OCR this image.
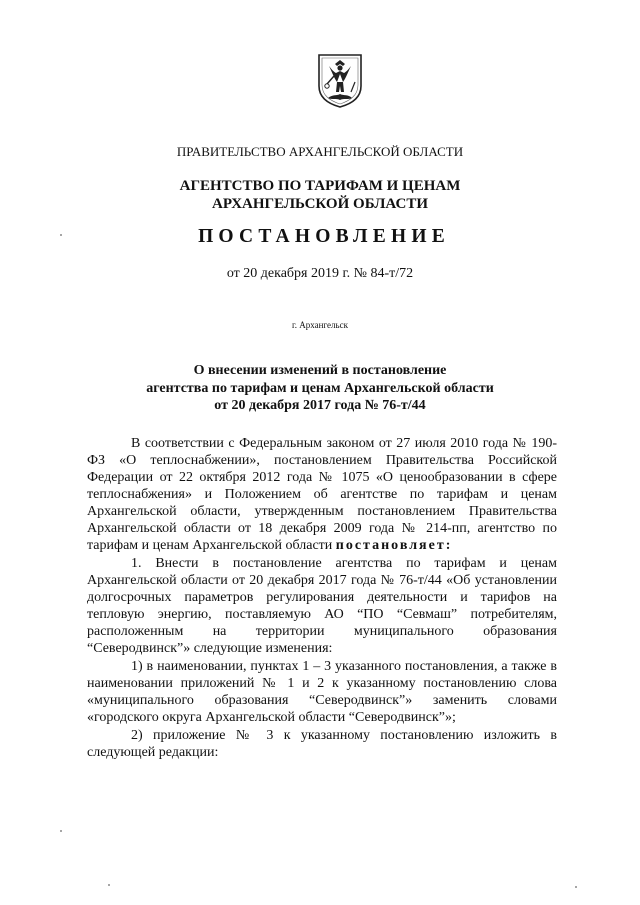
ПРАВИТЕЛЬСТВО АРХАНГЕЛЬСКОЙ ОБЛАСТИ
АГЕНТСТВО ПО ТАРИФАМ И ЦЕНАМ
АРХАНГЕЛЬСКОЙ ОБЛАСТИ
ПОСТАНОВЛЕНИЕ
от 20 декабря 2019 г. № 84-т/72
г. Архангельск
О внесении изменений в постановление
агентства по тарифам и ценам Архангельской области
от 20 декабря 2017 года № 76-т/44

В соответствии с Федеральным законом от 27 июля 2010 года № 190-ФЗ «О теплоснабжении», постановлением Правительства Российской Федерации от 22 октября 2012 года № 1075 «О ценообразовании в сфере теплоснабжения» и Положением об агентстве по тарифам и ценам Архангельской области, утвержденным постановлением Правительства Архангельской области от 18 декабря 2009 года № 214-пп, агентство по тарифам и ценам Архангельской области постановляет:

1. Внести в постановление агентства по тарифам и ценам Архангельской области от 20 декабря 2017 года № 76-т/44 «Об установлении долгосрочных параметров регулирования деятельности и тарифов на тепловую энергию, поставляемую АО “ПО “Севмаш” потребителям, расположенным на территории муниципального образования “Северодвинск”» следующие изменения:

1) в наименовании, пунктах 1 – 3 указанного постановления, а также в наименовании приложений № 1 и 2 к указанному постановлению слова «муниципального образования “Северодвинск”» заменить словами «городского округа Архангельской области “Северодвинск”»;

2) приложение № 3 к указанному постановлению изложить в следующей редакции:
